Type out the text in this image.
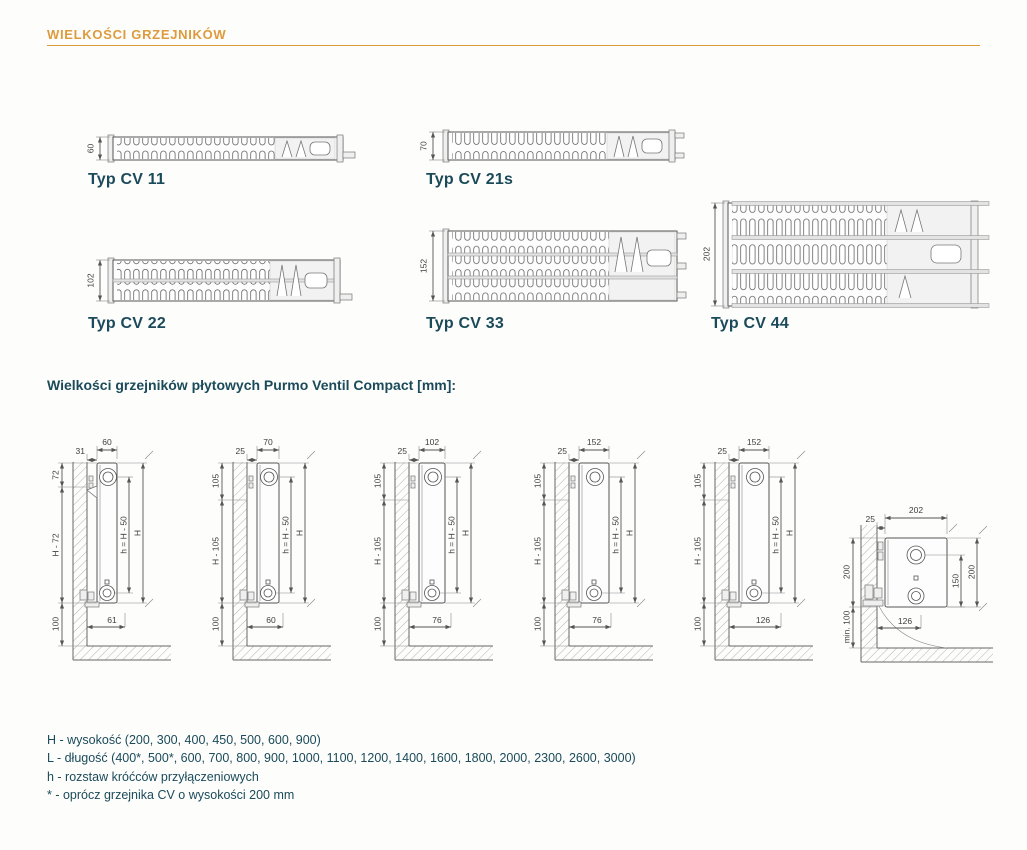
WIELKOŚCI GRZEJNIKÓW
60
Typ CV 11
70
Typ CV 21s
102
Typ CV 22
152
Typ CV 33
202
Typ CV 44
Wielkości grzejników płytowych Purmo Ventil Compact [mm]:
60
31
72
H - 72
100
h = H - 50 H
61
70
25
105
H - 105
100
h = H - 50 H
60
102
25
105
H - 105
100
h = H - 50 H
76
152
25
105
H - 105
100
h = H - 50 H
76
152
25
105
H - 105
100
h = H - 50 H
126
202
25
200
min. 100
150
200
126
H - wysokość (200, 300, 400, 450, 500, 600, 900)
L - długość (400*, 500*, 600, 700, 800, 900, 1000, 1100, 1200, 1400, 1600, 1800, 2000, 2300, 2600, 3000)
h - rozstaw króćców przyłączeniowych
* - oprócz grzejnika CV o wysokości 200 mm
